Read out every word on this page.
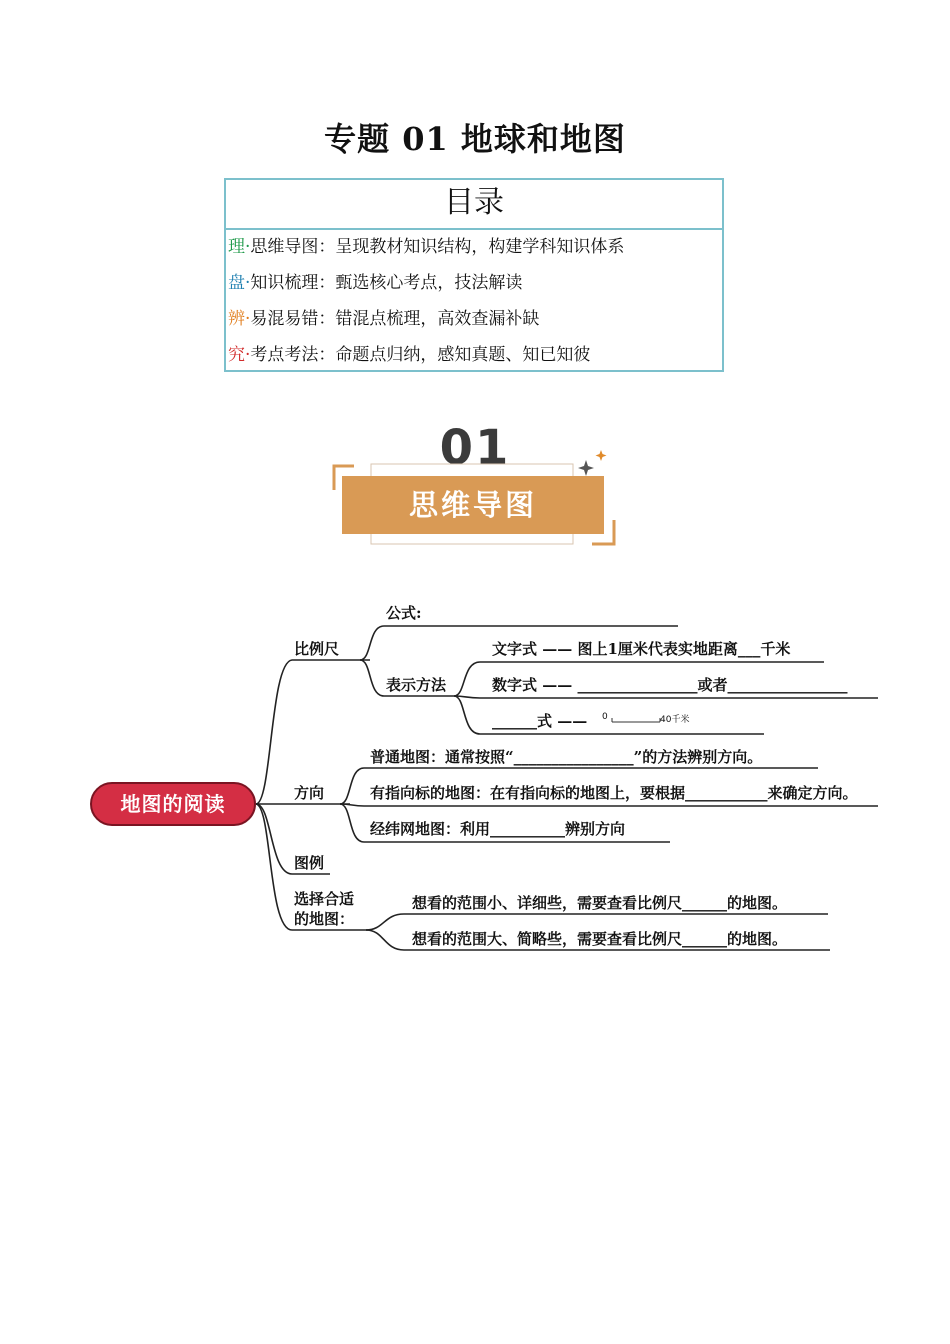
专题 01 地球和地图
目录
理·思维导图：呈现教材知识结构，构建学科知识体系
盘·知识梳理：甄选核心考点，技法解读
辨·易混易错：错混点梳理，高效查漏补缺
究·考点考法：命题点归纳，感知真题、知已知彼
01
思维导图
地图的阅读
比例尺
公式:
表示方法
文字式 —— 图上1厘米代表实地距离___千米
数字式 —— ________________或者________________
______式 —— 0	40千米
方向
普通地图：通常按照“________________”的方法辨别方向。
有指向标的地图：在有指向标的地图上，要根据___________来确定方向。
经纬网地图：利用__________辨别方向
图例
选择合适
的地图：
想看的范围小、详细些，需要查看比例尺______的地图。
想看的范围大、简略些，需要查看比例尺______的地图。
